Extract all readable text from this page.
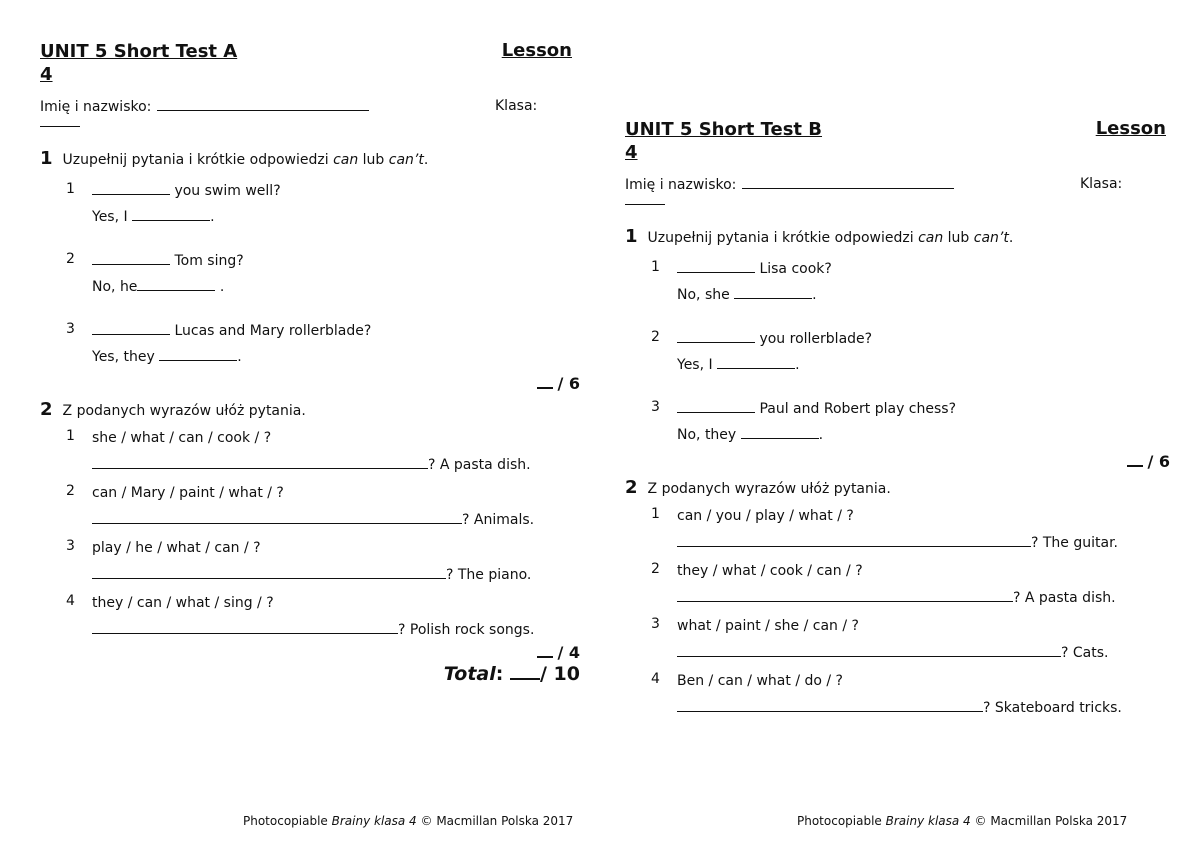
UNIT 5 Short Test A
4
Lesson
Imię i nazwisko:	Klasa:
1 Uzupełnij pytania i krótkie odpowiedzi can lub can’t.
1	you swim well?
Yes, I	.
2	Tom sing?
No, he	.
3	Lucas and Mary rollerblade?
Yes, they	.
/ 6
2 Z podanych wyrazów ułóż pytania.
1 she / what / can / cook / ?
? A pasta dish.
2 can / Mary / paint / what / ?
? Animals.
3 play / he / what / can / ?
? The piano.
4 they / can / what / sing / ?
? Polish rock songs.
/ 4
Total: / 10
Photocopiable Brainy klasa 4 © Macmillan Polska 2017
UNIT 5 Short Test B
4
Lesson
Imię i nazwisko:	Klasa:
1 Uzupełnij pytania i krótkie odpowiedzi can lub can’t.
1	Lisa cook?
No, she	.
2	you rollerblade?
Yes, I	.
3	Paul and Robert play chess?
No, they	.
/ 6
2 Z podanych wyrazów ułóż pytania.
1 can / you / play / what / ?
? The guitar.
2 they / what / cook / can / ?
? A pasta dish.
3 what / paint / she / can / ?
? Cats.
4 Ben / can / what / do / ?
? Skateboard tricks.
Photocopiable Brainy klasa 4 © Macmillan Polska 2017
